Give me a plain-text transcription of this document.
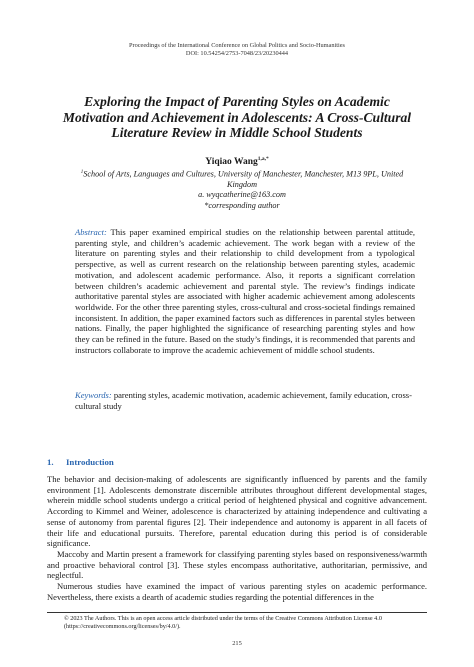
Proceedings of the International Conference on Global Politics and Socio-Humanities
DOI: 10.54254/2753-7048/23/20230444
Exploring the Impact of Parenting Styles on Academic Motivation and Achievement in Adolescents: A Cross-Cultural Literature Review in Middle School Students
Yiqiao Wang$^{1,a,*}$
$^1$School of Arts, Languages and Cultures, University of Manchester, Manchester, M13 9PL, United Kingdom
a. wyqcatherine@163.com
*corresponding author
Abstract: This paper examined empirical studies on the relationship between parental attitude, parenting style, and children’s academic achievement. The work began with a review of the literature on parenting styles and their relationship to child development from a typological perspective, as well as current research on the relationship between parenting styles, academic motivation, and adolescent academic performance. Also, it reports a significant correlation between children’s academic achievement and parental style. The review’s findings indicate authoritative parental styles are associated with higher academic achievement among adolescents worldwide. For the other three parenting styles, cross-cultural and cross-societal findings remained inconsistent. In addition, the paper examined factors such as differences in parental styles between nations. Finally, the paper highlighted the significance of researching parenting styles and how they can be refined in the future. Based on the study’s findings, it is recommended that parents and instructors collaborate to improve the academic achievement of middle school students.
Keywords: parenting styles, academic motivation, academic achievement, family education, cross-cultural study
1. Introduction

The behavior and decision-making of adolescents are significantly influenced by parents and the family environment [1]. Adolescents demonstrate discernible attributes throughout different developmental stages, wherein middle school students undergo a critical period of heightened physical and cognitive advancement. According to Kimmel and Weiner, adolescence is characterized by attaining independence and cultivating a sense of autonomy from parental figures [2]. Their independence and autonomy is apparent in all facets of their life and educational pursuits. Therefore, parental education during this period is of considerable significance.

Maccoby and Martin present a framework for classifying parenting styles based on responsiveness/warmth and proactive behavioral control [3]. These styles encompass authoritative, authoritarian, permissive, and neglectful.

Numerous studies have examined the impact of various parenting styles on academic performance. Nevertheless, there exists a dearth of academic studies regarding the potential differences in the

© 2023 The Authors. This is an open access article distributed under the terms of the Creative Commons Attribution License 4.0
(https://creativecommons.org/licenses/by/4.0/).
215
